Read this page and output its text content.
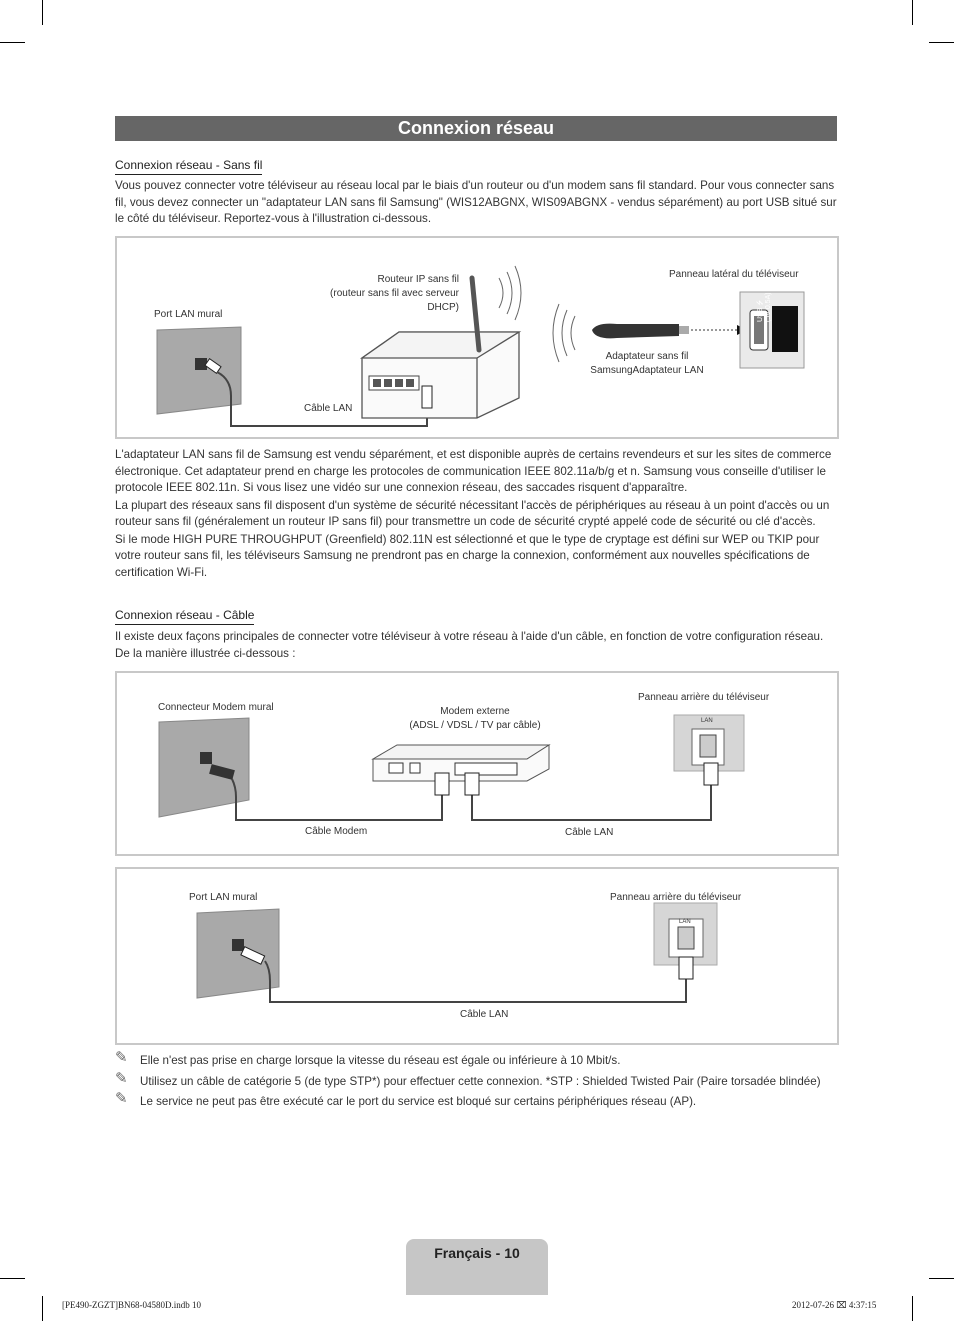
Connexion réseau
Connexion réseau - Sans fil

Vous pouvez connecter votre téléviseur au réseau local par le biais d'un routeur ou d'un modem sans fil standard. Pour vous connecter sans fil, vous devez connecter un "adaptateur LAN sans fil Samsung" (WIS12ABGNX, WIS09ABGNX - vendus séparément) au port USB situé sur le côté du téléviseur. Reportez-vous à l'illustration ci-dessous.

Port LAN mural
Routeur IP sans fil
(routeur sans fil avec serveur
DHCP)
Câble LAN
Panneau latéral du téléviseur
Adaptateur sans fil
SamsungAdaptateur LAN
USB ⭍
(5V 0.5A)

L'adaptateur LAN sans fil de Samsung est vendu séparément, et est disponible auprès de certains revendeurs et sur les sites de commerce électronique. Cet adaptateur prend en charge les protocoles de communication IEEE 802.11a/b/g et n. Samsung vous conseille d'utiliser le protocole IEEE 802.11n. Si vous lisez une vidéo sur une connexion réseau, des saccades risquent d'apparaître.

La plupart des réseaux sans fil disposent d'un système de sécurité nécessitant l'accès de périphériques au réseau à un point d'accès ou un routeur sans fil (généralement un routeur IP sans fil) pour transmettre un code de sécurité crypté appelé code de sécurité ou clé d'accès.

Si le mode HIGH PURE THROUGHPUT (Greenfield) 802.11N est sélectionné et que le type de cryptage est défini sur WEP ou TKIP pour votre routeur sans fil, les téléviseurs Samsung ne prendront pas en charge la connexion, conformément aux nouvelles spécifications de certification Wi-Fi.

Connexion réseau - Câble

Il existe deux façons principales de connecter votre téléviseur à votre réseau à l'aide d'un câble, en fonction de votre configuration réseau. De la manière illustrée ci-dessous :

Connecteur Modem mural	Modem externe
(ADSL / VDSL / TV par câble)
Panneau arrière du téléviseur
Câble Modem	Câble LAN
LAN
Port LAN mural	Panneau arrière du téléviseur
Câble LAN
LAN
✎ Elle n'est pas prise en charge lorsque la vitesse du réseau est égale ou inférieure à 10 Mbit/s.
✎ Utilisez un câble de catégorie 5 (de type STP*) pour effectuer cette connexion. *STP : Shielded Twisted Pair (Paire torsadée blindée)
✎ Le service ne peut pas être exécuté car le port du service est bloqué sur certains périphériques réseau (AP).
Français - 10
[PE490-ZGZT]BN68-04580D.indb 10	2012-07-26 ⌧ 4:37:15
